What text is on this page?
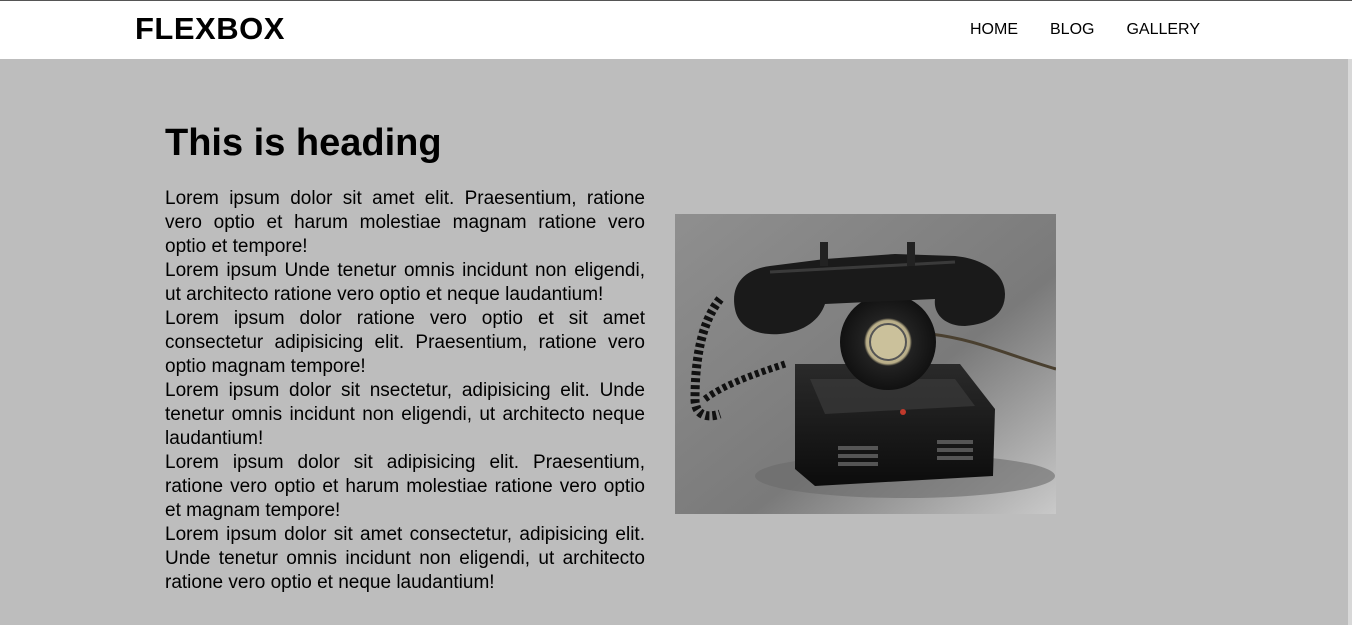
FLEXBOX	HOME BLOG GALLERY
This is heading

Lorem ipsum dolor sit amet elit. Praesentium, ratione vero optio et harum molestiae magnam ratione vero optio et tempore!

Lorem ipsum Unde tenetur omnis incidunt non eligendi, ut architecto ratione vero optio et neque laudantium!

Lorem ipsum dolor ratione vero optio et sit amet consectetur adipisicing elit. Praesentium, ratione vero optio magnam tempore!

Lorem ipsum dolor sit nsectetur, adipisicing elit. Unde tenetur omnis incidunt non eligendi, ut architecto neque laudantium!

Lorem ipsum dolor sit adipisicing elit. Praesentium, ratione vero optio et harum molestiae ratione vero optio et magnam tempore!

Lorem ipsum dolor sit amet consectetur, adipisicing elit. Unde tenetur omnis incidunt non eligendi, ut architecto ratione vero optio et neque laudantium!
